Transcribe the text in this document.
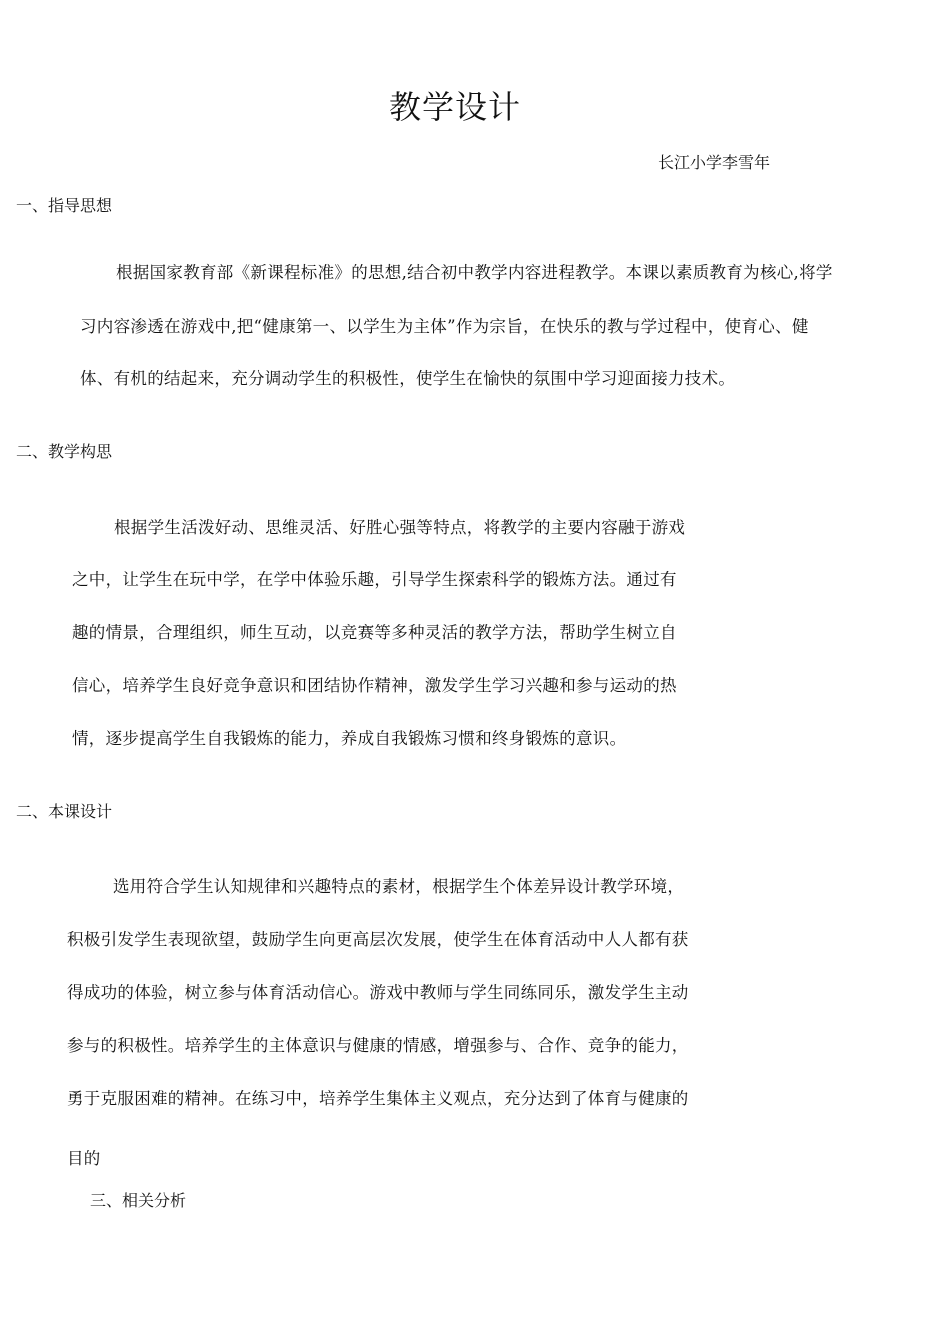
教学设计
长江小学李雪年
一、指导思想
根据国家教育部《新课程标准》的思想,结合初中教学内容进程教学。本课以素质教育为核心,将学
习内容渗透在游戏中,把“健康第一、以学生为主体”作为宗旨，在快乐的教与学过程中，使育心、健
体、有机的结起来，充分调动学生的积极性，使学生在愉快的氛围中学习迎面接力技术。
二、教学构思
根据学生活泼好动、思维灵活、好胜心强等特点，将教学的主要内容融于游戏
之中，让学生在玩中学，在学中体验乐趣，引导学生探索科学的锻炼方法。通过有
趣的情景，合理组织，师生互动，以竞赛等多种灵活的教学方法，帮助学生树立自
信心，培养学生良好竞争意识和团结协作精神，激发学生学习兴趣和参与运动的热
情，逐步提高学生自我锻炼的能力，养成自我锻炼习惯和终身锻炼的意识。
二、本课设计
选用符合学生认知规律和兴趣特点的素材，根据学生个体差异设计教学环境，
积极引发学生表现欲望，鼓励学生向更高层次发展，使学生在体育活动中人人都有获
得成功的体验，树立参与体育活动信心。游戏中教师与学生同练同乐，激发学生主动
参与的积极性。培养学生的主体意识与健康的情感，增强参与、合作、竞争的能力，
勇于克服困难的精神。在练习中，培养学生集体主义观点，充分达到了体育与健康的
目的
三、相关分析
